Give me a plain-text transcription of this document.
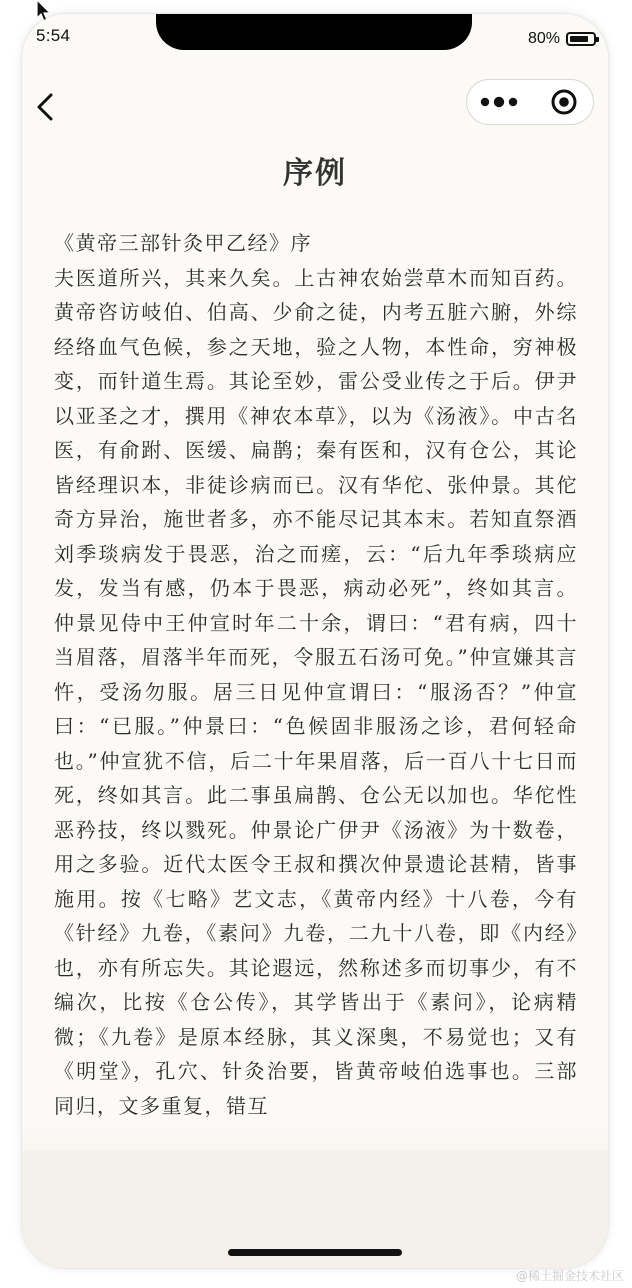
5:54	80%
序例
《黄帝三部针灸甲乙经》序
夫医道所兴，其来久矣。上古神农始尝草木而知百药。黄帝咨访岐伯、伯高、少俞之徒，内考五脏六腑，外综经络血气色候，参之天地，验之人物，本性命，穷神极变，而针道生焉。其论至妙，雷公受业传之于后。伊尹以亚圣之才，撰用《神农本草》，以为《汤液》。中古名医，有俞跗、医缓、扁鹊；秦有医和，汉有仓公，其论皆经理识本，非徒诊病而已。汉有华佗、张仲景。其佗奇方异治，施世者多，亦不能尽记其本末。若知直祭酒刘季琰病发于畏恶，治之而瘥，云：“后九年季琰病应发，发当有感，仍本于畏恶，病动必死”，终如其言。仲景见侍中王仲宣时年二十余，谓曰：“君有病，四十当眉落，眉落半年而死，令服五石汤可免。”仲宣嫌其言忤，受汤勿服。居三日见仲宣谓曰：“服汤否？”仲宣曰：“已服。”仲景曰：“色候固非服汤之诊，君何轻命也。”仲宣犹不信，后二十年果眉落，后一百八十七日而死，终如其言。此二事虽扁鹊、仓公无以加也。华佗性恶矜技，终以戮死。仲景论广伊尹《汤液》为十数卷，用之多验。近代太医令王叔和撰次仲景遗论甚精，皆事施用。按《七略》艺文志，《黄帝内经》十八卷，今有《针经》九卷，《素问》九卷，二九十八卷，即《内经》也，亦有所忘失。其论遐远，然称述多而切事少，有不编次，比按《仓公传》，其学皆出于《素问》，论病精微；《九卷》是原本经脉，其义深奥，不易觉也；又有《明堂》，孔穴、针灸治要，皆黄帝岐伯选事也。三部同归，文多重复，错互
@稀土掘金技术社区
